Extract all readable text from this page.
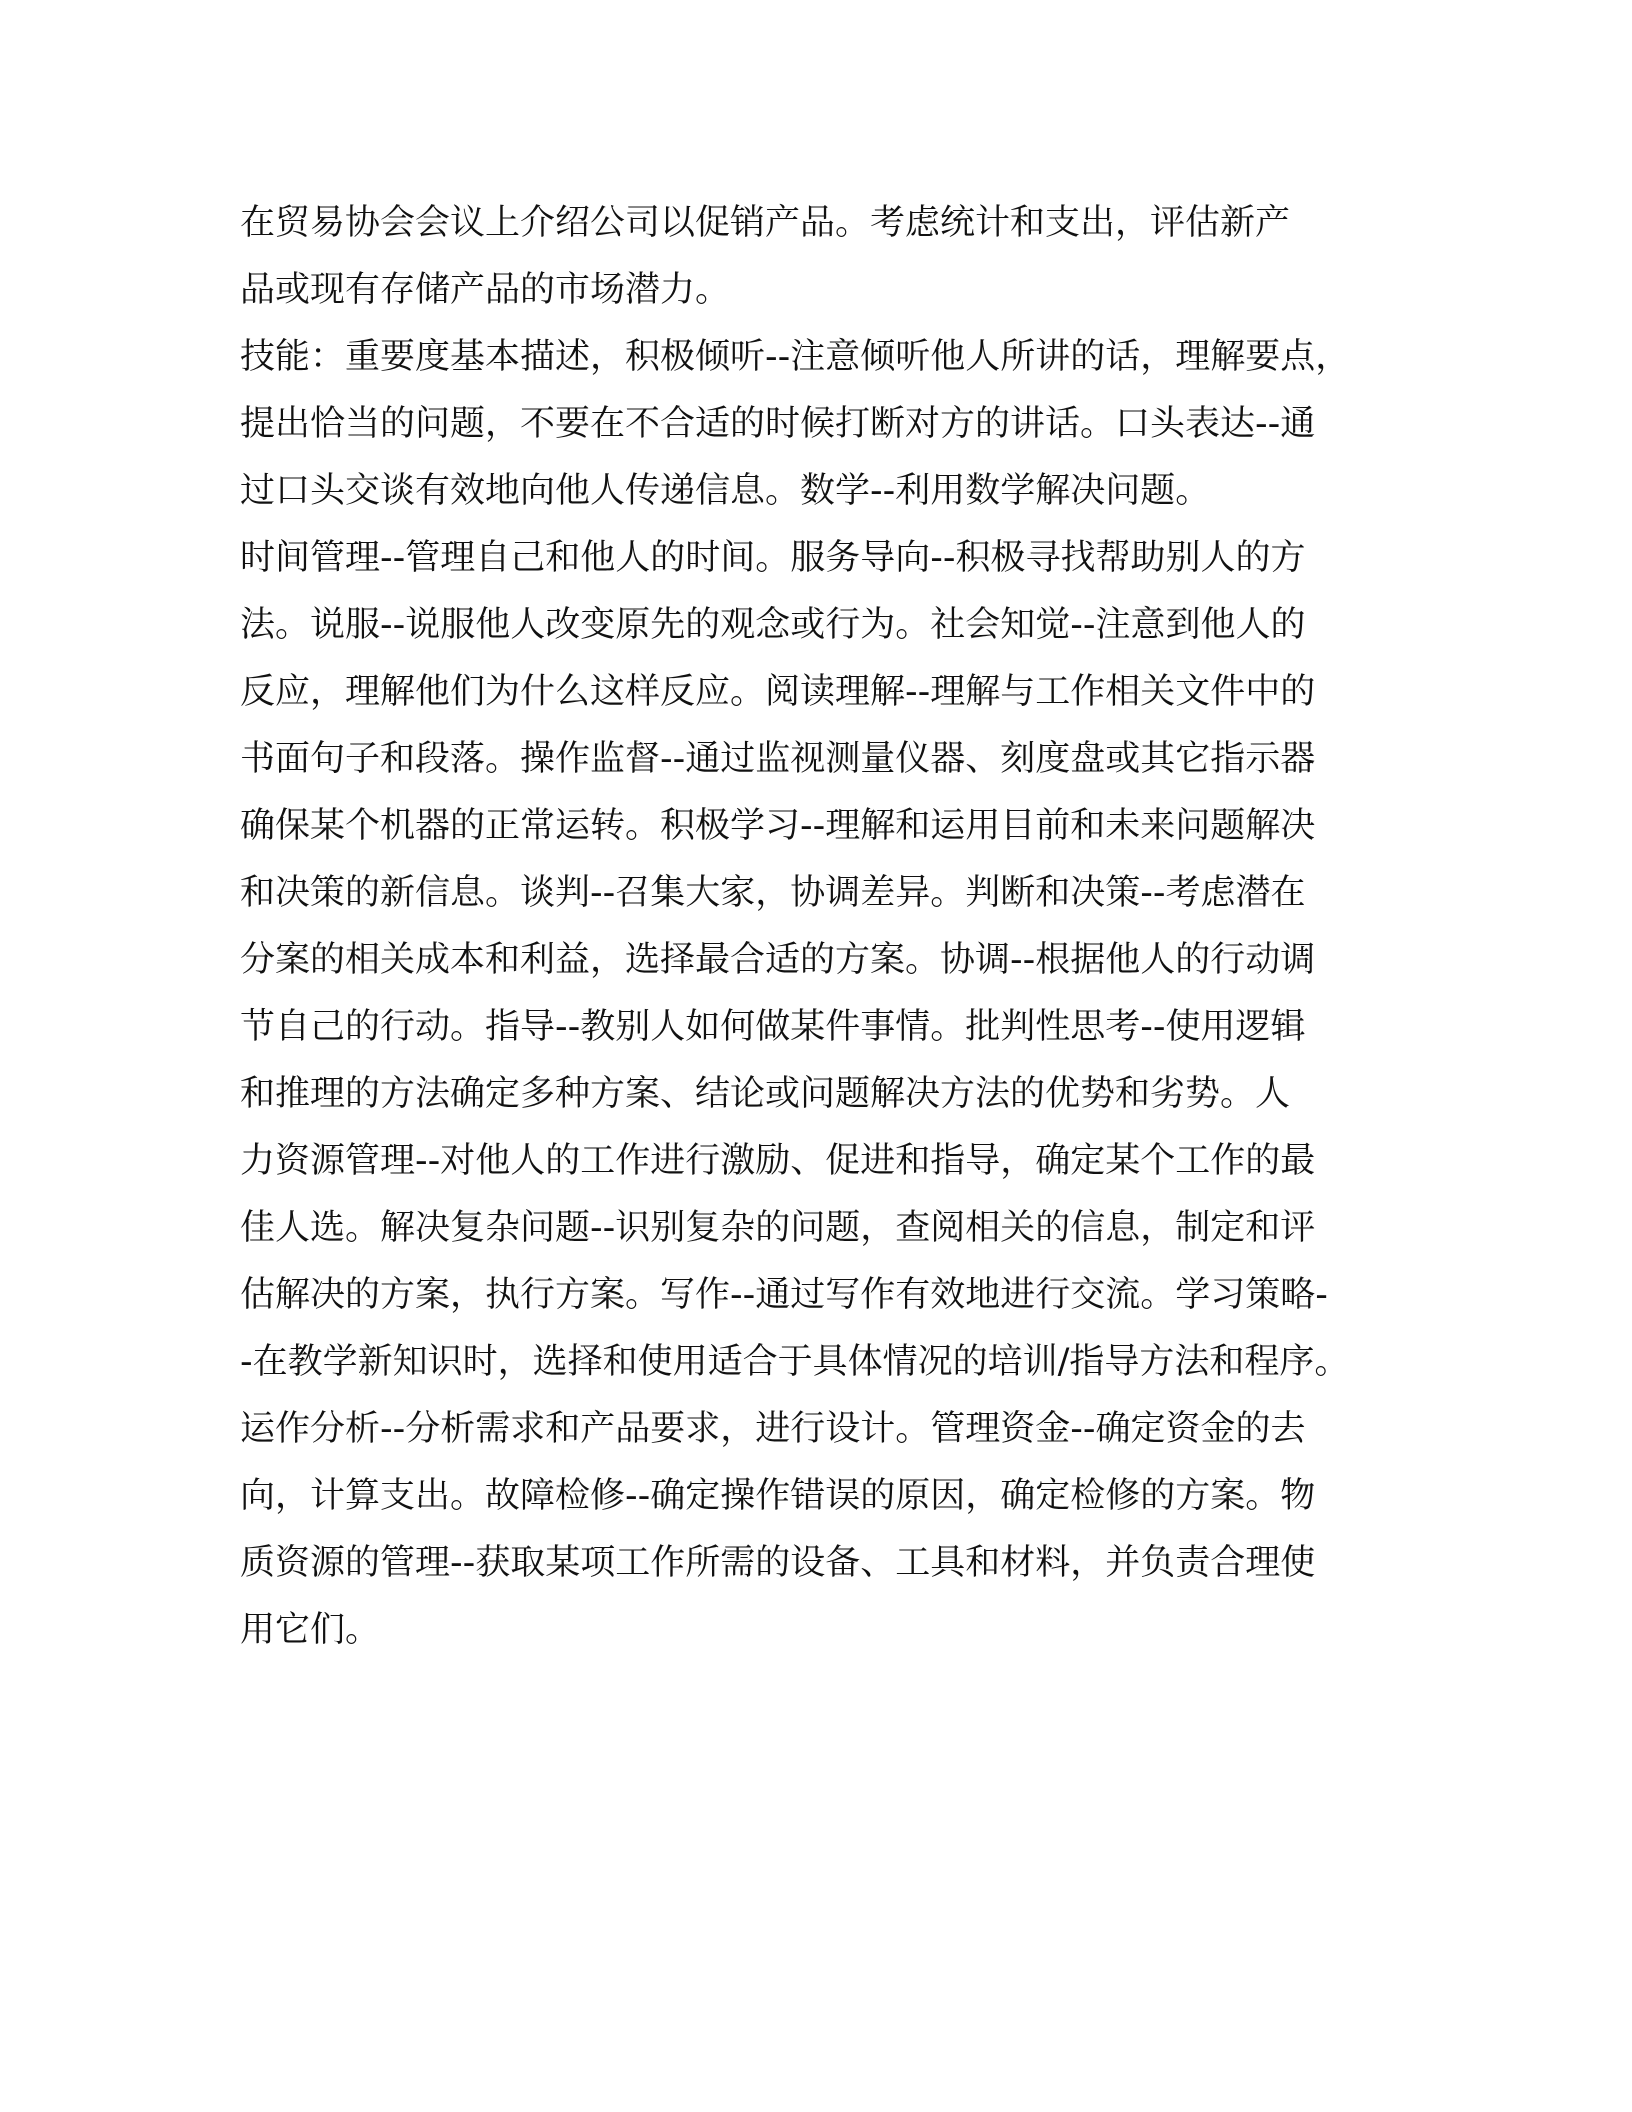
在贸易协会会议上介绍公司以促销产品。考虑统计和支出，评估新产
品或现有存储产品的市场潜力。
技能：重要度基本描述，积极倾听--注意倾听他人所讲的话，理解要点，
提出恰当的问题，不要在不合适的时候打断对方的讲话。口头表达--通
过口头交谈有效地向他人传递信息。数学--利用数学解决问题。
时间管理--管理自己和他人的时间。服务导向--积极寻找帮助别人的方
法。说服--说服他人改变原先的观念或行为。社会知觉--注意到他人的
反应，理解他们为什么这样反应。阅读理解--理解与工作相关文件中的
书面句子和段落。操作监督--通过监视测量仪器、刻度盘或其它指示器
确保某个机器的正常运转。积极学习--理解和运用目前和未来问题解决
和决策的新信息。谈判--召集大家，协调差异。判断和决策--考虑潜在
分案的相关成本和利益，选择最合适的方案。协调--根据他人的行动调
节自己的行动。指导--教别人如何做某件事情。批判性思考--使用逻辑
和推理的方法确定多种方案、结论或问题解决方法的优势和劣势。人
力资源管理--对他人的工作进行激励、促进和指导，确定某个工作的最
佳人选。解决复杂问题--识别复杂的问题，查阅相关的信息，制定和评
估解决的方案，执行方案。写作--通过写作有效地进行交流。学习策略-
-在教学新知识时，选择和使用适合于具体情况的培训/指导方法和程序。
运作分析--分析需求和产品要求，进行设计。管理资金--确定资金的去
向，计算支出。故障检修--确定操作错误的原因，确定检修的方案。物
质资源的管理--获取某项工作所需的设备、工具和材料，并负责合理使
用它们。
